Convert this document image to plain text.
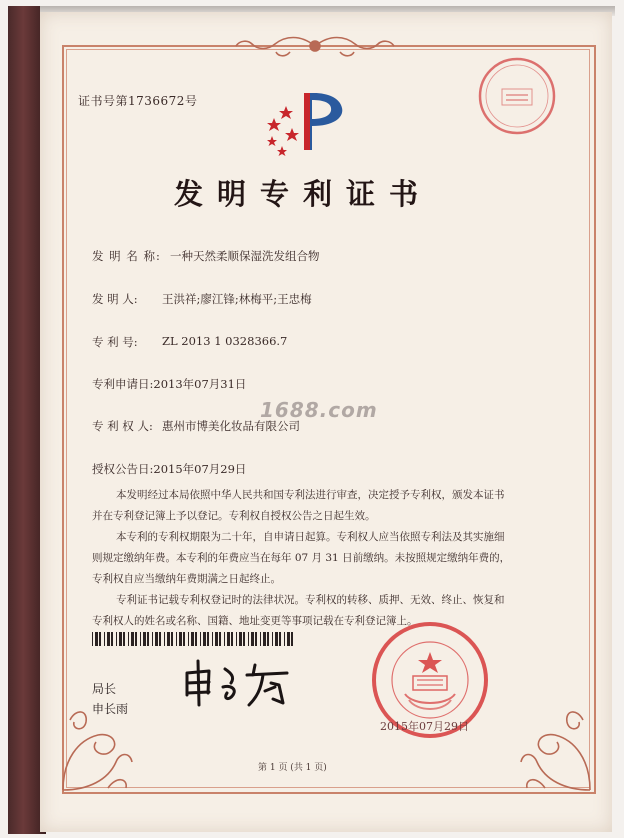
证书号第1736672号
发明专利证书
发 明 名 称: 一种天然柔顺保湿洗发组合物
发 明 人: 王洪祥;廖江锋;林梅平;王忠梅
专 利 号: ZL 2013 1 0328366.7
专利申请日:2013年07月31日
专 利 权 人: 惠州市博美化妆品有限公司
1688.com
授权公告日:2015年07月29日
本发明经过本局依照中华人民共和国专利法进行审查，决定授予专利权，颁发本证书
并在专利登记簿上予以登记。专利权自授权公告之日起生效。
本专利的专利权期限为二十年，自申请日起算。专利权人应当依照专利法及其实施细
则规定缴纳年费。本专利的年费应当在每年 07 月 31 日前缴纳。未按照规定缴纳年费的，
专利权自应当缴纳年费期满之日起终止。
专利证书记载专利权登记时的法律状况。专利权的转移、质押、无效、终止、恢复和
专利权人的姓名或名称、国籍、地址变更等事项记载在专利登记簿上。
局长
申长雨
2015年07月29日
第 1 页 (共 1 页)
